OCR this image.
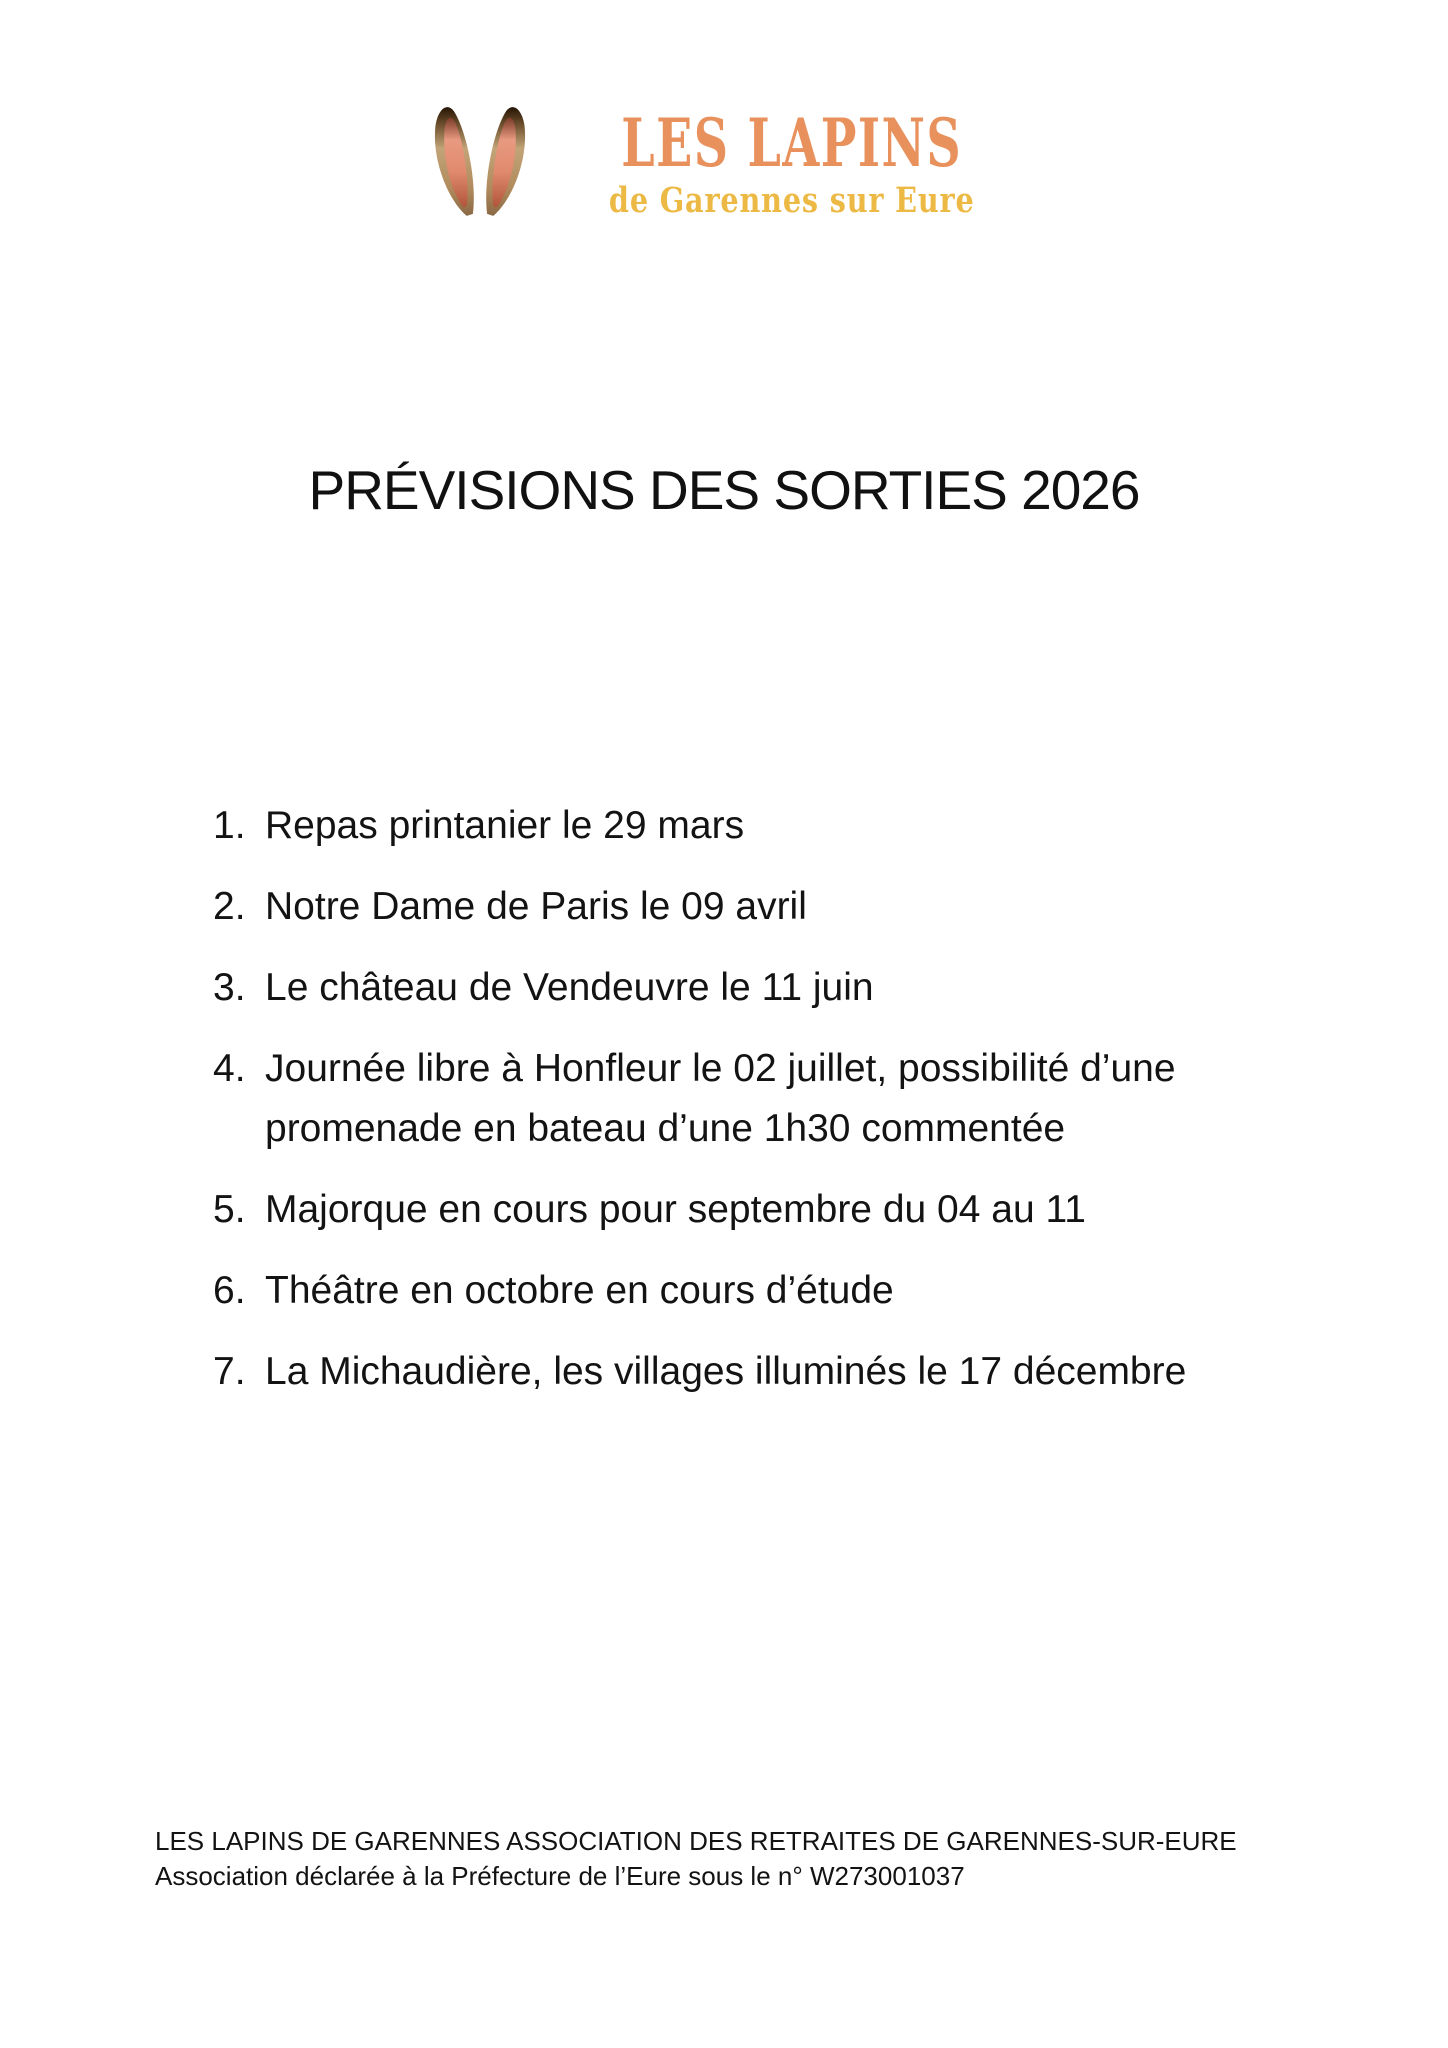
LES LAPINS
de Garennes sur Eure
PRÉVISIONS DES SORTIES 2026
1. Repas printanier le 29 mars
2. Notre Dame de Paris le 09 avril
3. Le château de Vendeuvre le 11 juin
4. Journée libre à Honfleur le 02 juillet, possibilité d’une
promenade en bateau d’une 1h30 commentée
5. Majorque en cours pour septembre du 04 au 11
6. Théâtre en octobre en cours d’étude
7. La Michaudière, les villages illuminés le 17 décembre
LES LAPINS DE GARENNES ASSOCIATION DES RETRAITES DE GARENNES-SUR-EURE
Association déclarée à la Préfecture de l’Eure sous le n° W273001037
